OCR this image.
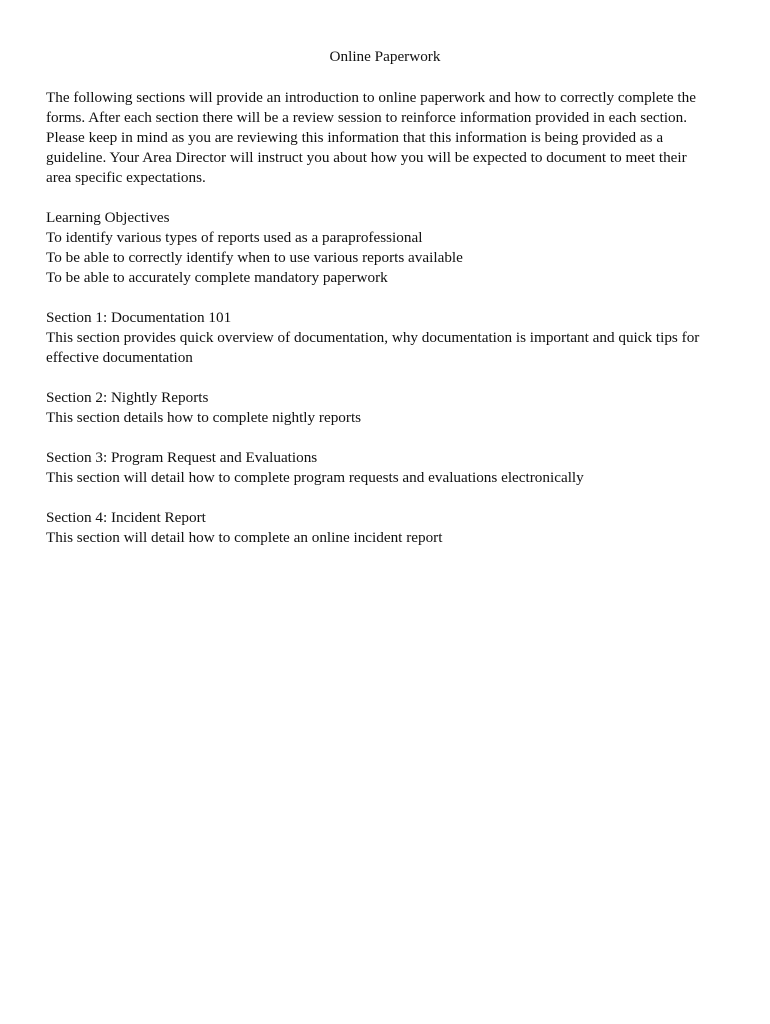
Online Paperwork
The following sections will provide an introduction to online paperwork and how to correctly complete the
forms. After each section there will be a review session to reinforce information provided in each section.
Please keep in mind as you are reviewing this information that this information is being provided as a
guideline. Your Area Director will instruct you about how you will be expected to document to meet their
area specific expectations.
Learning Objectives
To identify various types of reports used as a paraprofessional
To be able to correctly identify when to use various reports available
To be able to accurately complete mandatory paperwork
Section 1: Documentation 101
This section provides quick overview of documentation, why documentation is important and quick tips for
effective documentation
Section 2: Nightly Reports
This section details how to complete nightly reports
Section 3: Program Request and Evaluations
This section will detail how to complete program requests and evaluations electronically
Section 4: Incident Report
This section will detail how to complete an online incident report
